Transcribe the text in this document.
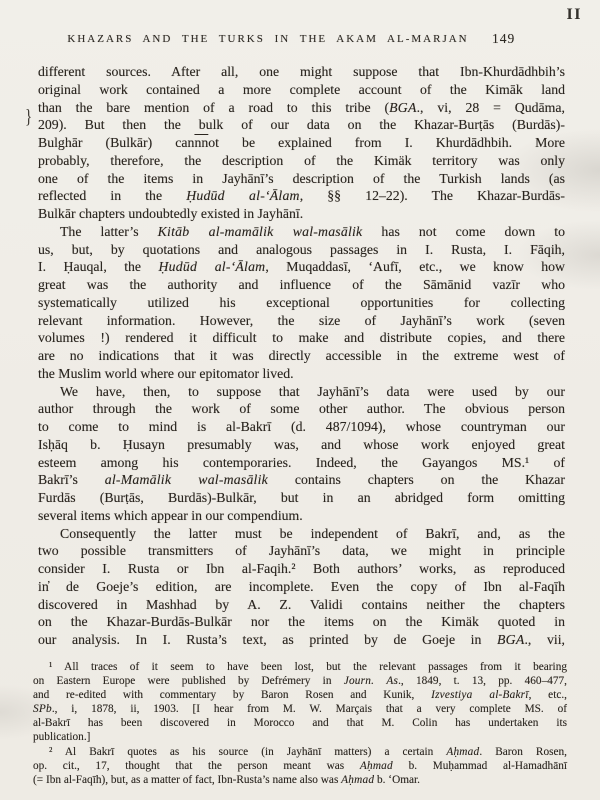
II
KHAZARS AND THE TURKS IN THE AKAM AL-MARJAN	149
}
different sources. After all, one might suppose that Ibn-Khurdādhbih’s
original work contained a more complete account of the Kimāk land
than the bare mention of a road to this tribe (BGA., vi, 28 = Qudāma,
209). But then the bulk of our data on the Khazar-Burṭās (Burdās)-
Bulghār (Bulkār) $can\overline{nn}ot$ be explained from I. Khurdādhbih. More
probably, therefore, the description of the Kimäk territory was only
one of the items in Jayhānī’s description of the Turkish lands (as
reflected in the Ḥudūd al-‘Ālam, §§ 12–22). The Khazar-Burdās-
Bulkār chapters undoubtedly existed in Jayhānī.
The latter’s Kitāb al-mamālik wal-masālik has not come down to
us, but, by quotations and analogous passages in I. Rusta, I. Fāqih,
I. Ḥauqal, the Ḥudūd al-‘Ālam, Muqaddasī, ‘Aufī, etc., we know how
great was the authority and influence of the Sāmānid vazīr who
systematically utilized his exceptional opportunities for collecting
relevant information. However, the size of Jayhānī’s work (seven
volumes !) rendered it difficult to make and distribute copies, and there
are no indications that it was directly accessible in the extreme west of
the Muslim world where our epitomator lived.
We have, then, to suppose that Jayhānī’s data were used by our
author through the work of some other author. The obvious person
to come to mind is al-Bakrī (d. 487/1094), whose countryman our
Isḥāq b. Ḥusayn presumably was, and whose work enjoyed great
esteem among his contemporaries. Indeed, the Gayangos MS.¹ of
Bakrī’s al-Mamālik wal-masālik contains chapters on the Khazar
Furdās (Burṭās, Burdās)-Bulkār, but in an abridged form omitting
several items which appear in our compendium.
Consequently the latter must be independent of Bakrī, and, as the
two possible transmitters of Jayhānī’s data, we might in principle
consider I. Rusta or Ibn al-Faqih.² Both authors’ works, as reproduced
in̓ de Goeje’s edition, are incomplete. Even the copy of Ibn al-Faqīh
discovered in Mashhad by A. Z. Validi contains neither the chapters
on the Khazar-Burdās-Bulkār nor the items on the Kimäk quoted in
our analysis. In I. Rusta’s text, as printed by de Goeje in BGA., vii,
¹ All traces of it seem to have been lost, but the relevant passages from it bearing
on Eastern Europe were published by Defrémery in Journ. As., 1849, t. 13, pp. 460–477,
and re-edited with commentary by Baron Rosen and Kunik, Izvestiya al-Bakrī, etc.,
SPb., i, 1878, ii, 1903. [I hear from M. W. Marçais that a very complete MS. of
al-Bakrī has been discovered in Morocco and that M. Colin has undertaken its
publication.]
² Al Bakrī quotes as his source (in Jayhānī matters) a certain Aḥmad. Baron Rosen,
op. cit., 17, thought that the person meant was Aḥmad b. Muḥammad al-Hamadhānī
(= Ibn al-Faqīh), but, as a matter of fact, Ibn-Rusta’s name also was Aḥmad b. ‘Omar.
